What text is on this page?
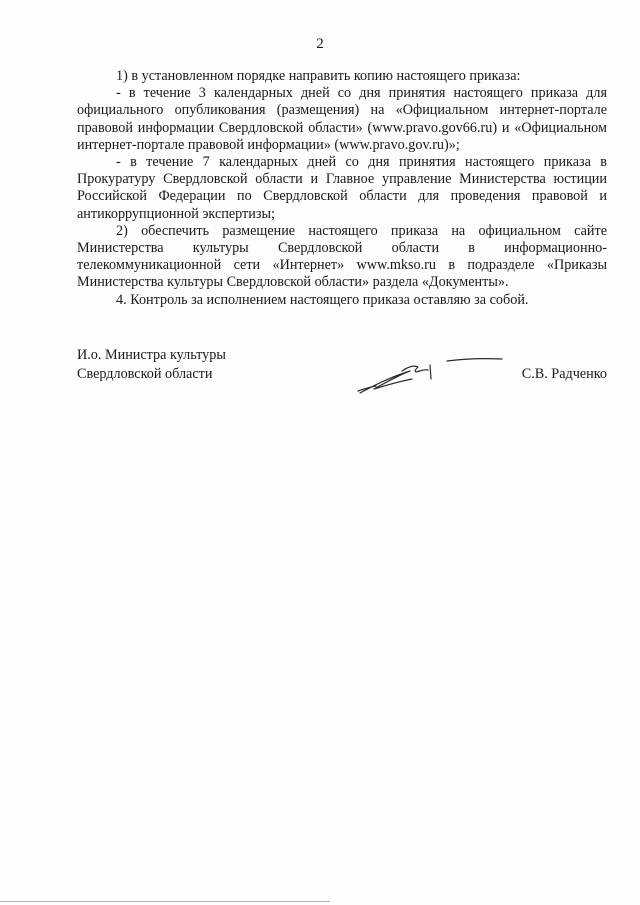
2

1) в установленном порядке направить копию настоящего приказа:

- в течение 3 календарных дней со дня принятия настоящего приказа для официального опубликования (размещения) на «Официальном интернет-портале правовой информации Свердловской области» (www.pravo.gov66.ru) и «Официальном интернет-портале правовой информации» (www.pravo.gov.ru)»;

- в течение 7 календарных дней со дня принятия настоящего приказа в Прокуратуру Свердловской области и Главное управление Министерства юстиции Российской Федерации по Свердловской области для проведения правовой и антикоррупционной экспертизы;

2) обеспечить размещение настоящего приказа на официальном сайте Министерства культуры Свердловской области в информационно-телекоммуникационной сети «Интернет» www.mkso.ru в подразделе «Приказы Министерства культуры Свердловской области» раздела «Документы».

4. Контроль за исполнением настоящего приказа оставляю за собой.

И.о. Министра культуры
Свердловской области	С.В. Радченко
